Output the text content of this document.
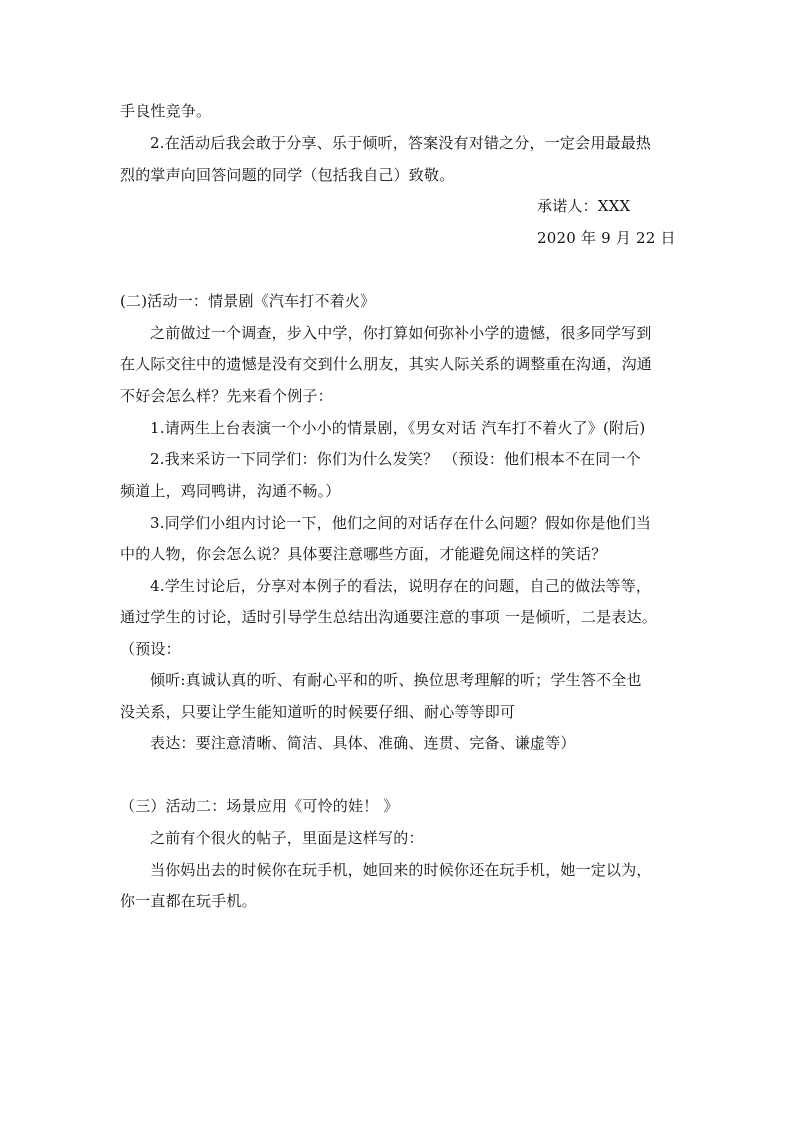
手良性竞争。
2.在活动后我会敢于分享、乐于倾听，答案没有对错之分，一定会用最最热
烈的掌声向回答问题的同学（包括我自己）致敬。
承诺人：XXX
2020 年 9 月 22 日
(二)活动一：情景剧《汽车打不着火》
之前做过一个调查，步入中学，你打算如何弥补小学的遗憾，很多同学写到
在人际交往中的遗憾是没有交到什么朋友，其实人际关系的调整重在沟通，沟通
不好会怎么样？先来看个例子：
1.请两生上台表演一个小小的情景剧，《男女对话 汽车打不着火了》(附后)
2.我来采访一下同学们：你们为什么发笑？ （预设：他们根本不在同一个
频道上，鸡同鸭讲，沟通不畅。）
3.同学们小组内讨论一下，他们之间的对话存在什么问题？假如你是他们当
中的人物，你会怎么说？具体要注意哪些方面，才能避免闹这样的笑话？
4.学生讨论后，分享对本例子的看法，说明存在的问题，自己的做法等等，
通过学生的讨论，适时引导学生总结出沟通要注意的事项 一是倾听，二是表达。
（预设：
倾听:真诚认真的听、有耐心平和的听、换位思考理解的听；学生答不全也
没关系，只要让学生能知道听的时候要仔细、耐心等等即可
表达：要注意清晰、简洁、具体、准确、连贯、完备、谦虚等）
（三）活动二：场景应用《可怜的娃！ 》
之前有个很火的帖子，里面是这样写的：
当你妈出去的时候你在玩手机，她回来的时候你还在玩手机，她一定以为，
你一直都在玩手机。
